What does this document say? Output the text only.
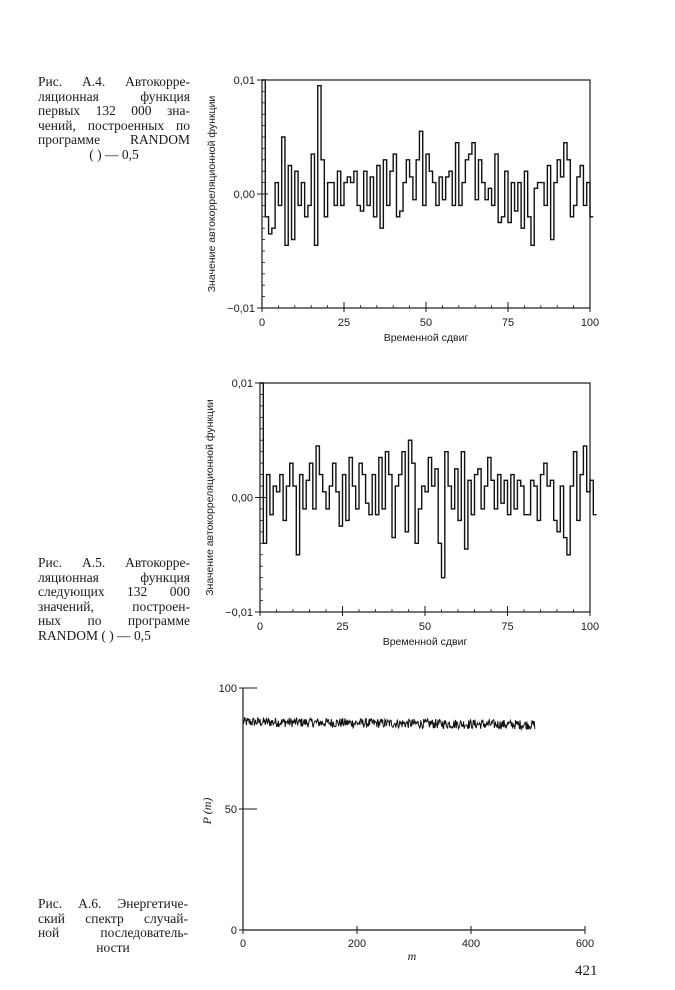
Рис. А.4. Автокорре-
ляционная функция
первых 132 000 зна-
чений, построенных по
программе RANDOM
( ) — 0,5
Рис. А.5. Автокорре-
ляционная функция
следующих 132 000
значений, построен-
ных по программе
RANDOM ( ) — 0,5
Рис. А.6. Энергетиче-
ский спектр случай-
ной последователь-
ности
−0,01
0,00
0,01
0	25	50	75	100
Временной сдвиг
Значение автокорреляционной функции
−0,01
0,00
0,01
0	25	50	75	100
Временной сдвиг
Значение автокорреляционной функции
0
50
100
0	200	400	600
m
P (m)
421
